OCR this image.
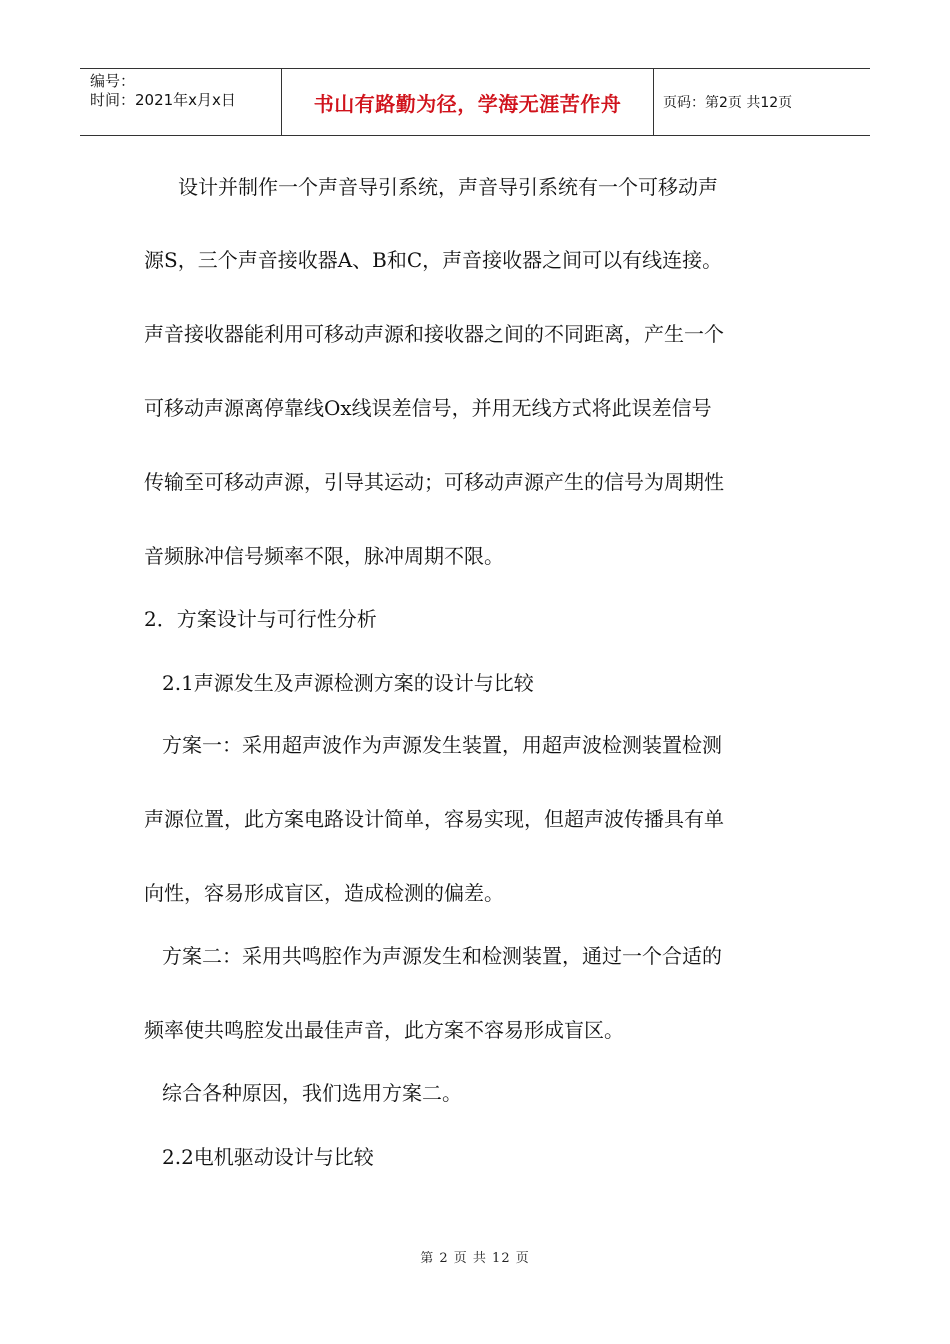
编号：
时间：2021年x月x日	书山有路勤为径，学海无涯苦作舟	页码：第2页 共12页
设计并制作一个声音导引系统，声音导引系统有一个可移动声
源S，三个声音接收器A、B和C，声音接收器之间可以有线连接。
声音接收器能利用可移动声源和接收器之间的不同距离，产生一个
可移动声源离停靠线Ox线误差信号，并用无线方式将此误差信号
传输至可移动声源，引导其运动；可移动声源产生的信号为周期性
音频脉冲信号频率不限，脉冲周期不限。
2．方案设计与可行性分析
2.1声源发生及声源检测方案的设计与比较
方案一：采用超声波作为声源发生装置，用超声波检测装置检测
声源位置，此方案电路设计简单，容易实现，但超声波传播具有单
向性，容易形成盲区，造成检测的偏差。
方案二：采用共鸣腔作为声源发生和检测装置，通过一个合适的
频率使共鸣腔发出最佳声音，此方案不容易形成盲区。
综合各种原因，我们选用方案二。
2.2电机驱动设计与比较
第 2 页 共 12 页
